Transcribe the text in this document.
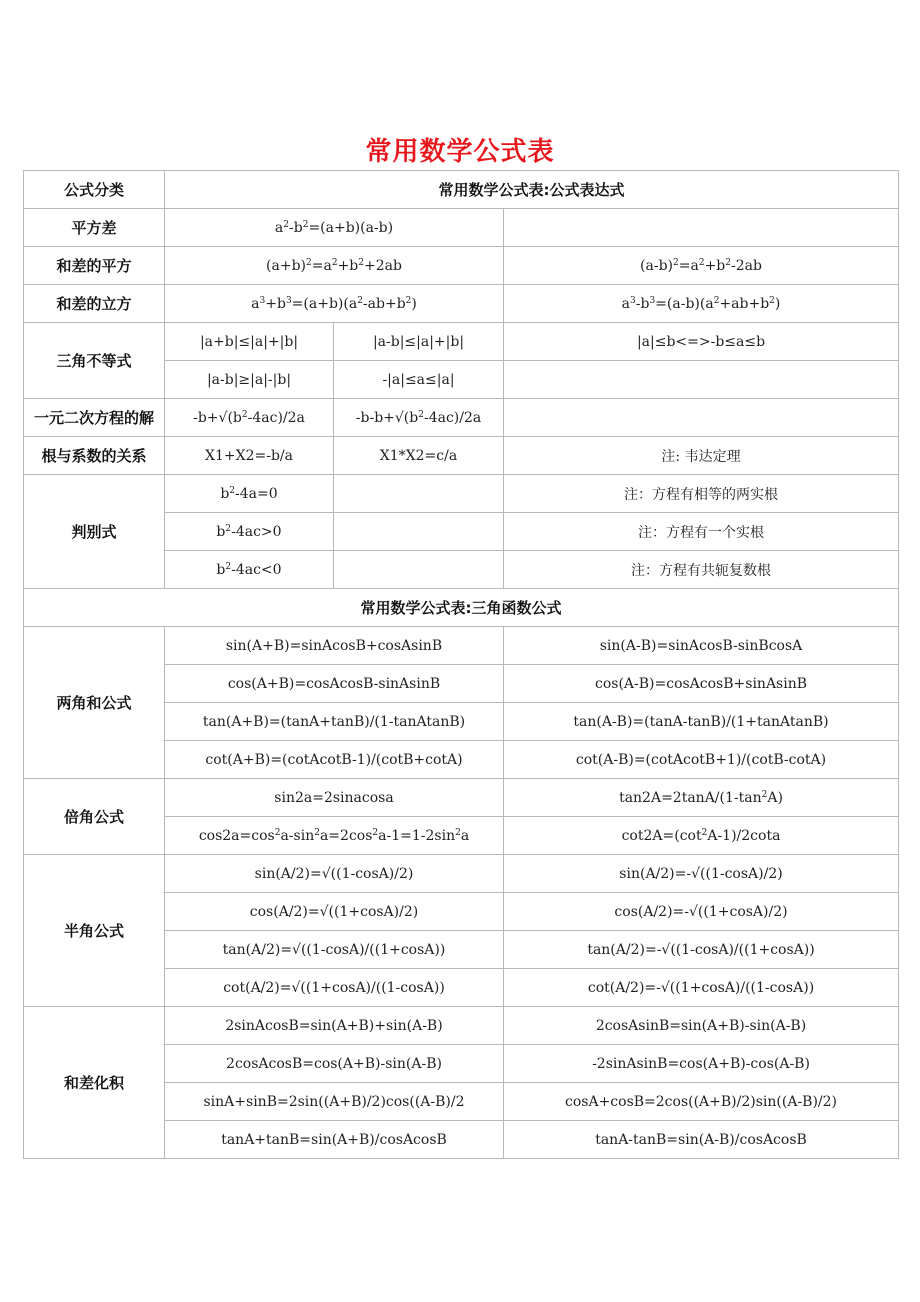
常用数学公式表
公式分类	常用数学公式表:公式表达式		
平方差	$a^2-b^2=(a+b)(a-b)$		
和差的平方	$(a+b)^2=a^2+b^2+2ab$		$(a-b)^2=a^2+b^2-2ab$
和差的立方	$a^3+b^3=(a+b)(a^2-ab+b^2)$		$a^3-b^3=(a-b)(a^2+ab+b^2)$
三角不等式	|a+b|≤|a|+|b|	|a-b|≤|a|+|b|	|a|≤b<=>-b≤a≤b
	|a-b|≥|a|-|b|	-|a|≤a≤|a|	
一元二次方程的解	$-b+√(b^2-4ac)/2a$	$-b-b+√(b^2-4ac)/2a$	
根与系数的关系	X1+X2=-b/a	X1*X2=c/a	注: 韦达定理
判别式	$b^2-4a=0$		注：方程有相等的两实根
	$b^2-4ac>0$		注：方程有一个实根
	$b^2-4ac<0$		注：方程有共轭复数根
常用数学公式表:三角函数公式			
两角和公式	sin(A+B)=sinAcosB+cosAsinB		sin(A-B)=sinAcosB-sinBcosA
	cos(A+B)=cosAcosB-sinAsinB		cos(A-B)=cosAcosB+sinAsinB
	tan(A+B)=(tanA+tanB)/(1-tanAtanB)		tan(A-B)=(tanA-tanB)/(1+tanAtanB)
	cot(A+B)=(cotAcotB-1)/(cotB+cotA)		cot(A-B)=(cotAcotB+1)/(cotB-cotA)
倍角公式	sin2a=2sinacosa		$\tan 2A=2\tan A/(1-\tan^2A)$
	$\cos 2a=\cos^2a-\sin^2a=2\cos^2a-1=1-2\sin^2a$		$\cot 2A=(\cot^2A-1)/2\cot a$
半角公式	sin(A/2)=√((1-cosA)/2)		sin(A/2)=-√((1-cosA)/2)
	cos(A/2)=√((1+cosA)/2)		cos(A/2)=-√((1+cosA)/2)
	tan(A/2)=√((1-cosA)/((1+cosA))		tan(A/2)=-√((1-cosA)/((1+cosA))
	cot(A/2)=√((1+cosA)/((1-cosA))		cot(A/2)=-√((1+cosA)/((1-cosA))
和差化积	2sinAcosB=sin(A+B)+sin(A-B)		2cosAsinB=sin(A+B)-sin(A-B)
	2cosAcosB=cos(A+B)-sin(A-B)		-2sinAsinB=cos(A+B)-cos(A-B)
	sinA+sinB=2sin((A+B)/2)cos((A-B)/2		cosA+cosB=2cos((A+B)/2)sin((A-B)/2)
	tanA+tanB=sin(A+B)/cosAcosB		tanA-tanB=sin(A-B)/cosAcosB
